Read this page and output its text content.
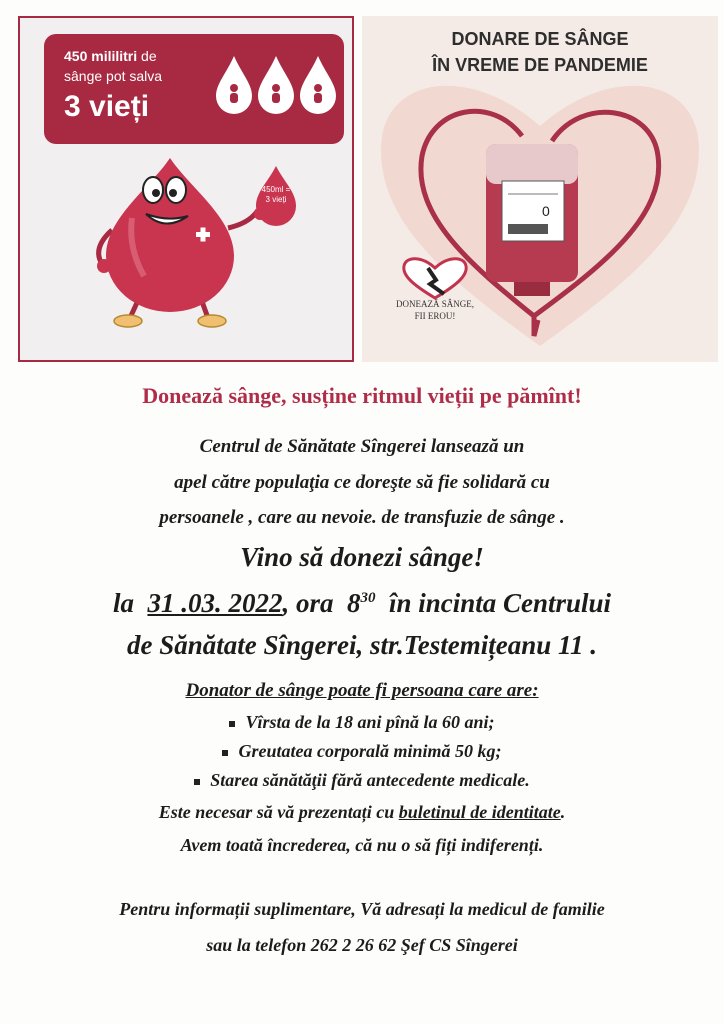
450 mililitri de
sânge pot salva
3 vieți
450ml =
3 vieți
DONARE DE SÂNGE
ÎN VREME DE PANDEMIE
0
DONEAZĂ SÂNGE,
FII EROU!
Donează sânge, susține ritmul vieții pe pămînt!
Centrul de Sănătate Sîngerei lansează un
apel către populaţia ce doreşte să fie solidară cu
persoanele , care au nevoie. de transfuzie de sânge .
Vino să donezi sânge!
la 31 .03. 2022, ora $8^{30}$ în incinta Centrului
de Sănătate Sîngerei, str.Testemițeanu 11 .
Donator de sânge poate fi persoana care are:
Vîrsta de la 18 ani pînă la 60 ani;
Greutatea corporală minimă 50 kg;
Starea sănătăţii fără antecedente medicale.
Este necesar să vă prezentați cu buletinul de identitate.
Avem toată încrederea, că nu o să fiți indiferenți.
Pentru informații suplimentare, Vă adresați la medicul de familie
sau la telefon 262 2 26 62 Şef CS Sîngerei
